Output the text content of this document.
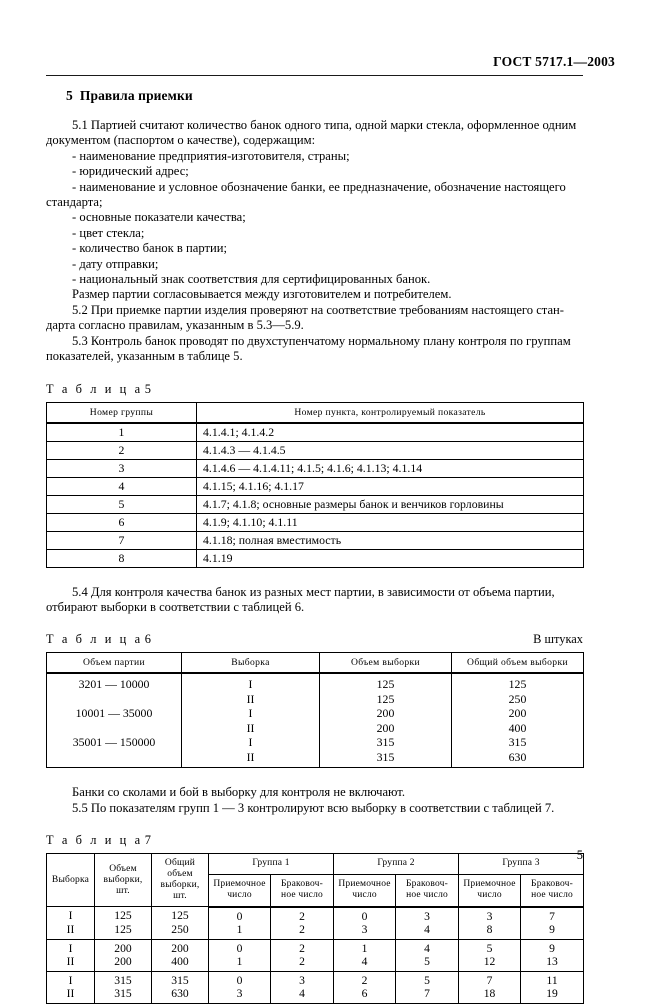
ГОСТ 5717.1—2003
5 Правила приемки

5.1 Партией считают количество банок одного типа, одной марки стекла, оформленное одним

документом (паспортом о качестве), содержащим:

- наименование предприятия-изготовителя, страны;

- юридический адрес;

- наименование и условное обозначение банки, ее предназначение, обозначение настоящего

стандарта;

- основные показатели качества;

- цвет стекла;

- количество банок в партии;

- дату отправки;

- национальный знак соответствия для сертифицированных банок.

Размер партии согласовывается между изготовителем и потребителем.

5.2 При приемке партии изделия проверяют на соответствие требованиям настоящего стан-

дарта согласно правилам, указанным в 5.3—5.9.

5.3 Контроль банок проводят по двухступенчатому нормальному плану контроля по группам

показателей, указанным в таблице 5.

Т а б л и ц а 5
Номер группы	Номер пункта, контролируемый показатель
1	4.1.4.1; 4.1.4.2
2	4.1.4.3 — 4.1.4.5
3	4.1.4.6 — 4.1.4.11; 4.1.5; 4.1.6; 4.1.13; 4.1.14
4	4.1.15; 4.1.16; 4.1.17
5	4.1.7; 4.1.8; основные размеры банок и венчиков горловины
6	4.1.9; 4.1.10; 4.1.11
7	4.1.18; полная вместимость
8	4.1.19

5.4 Для контроля качества банок из разных мест партии, в зависимости от объема партии,

отбирают выборки в соответствии с таблицей 6.

Т а б л и ц а 6	В штуках
Объем партии	Выборка	Объем выборки	Общий объем выборки
3201 — 10000	I	125	125
	II	125	250
10001 — 35000	I	200	200
	II	200	400
35001 — 150000	I	315	315
	II	315	630

Банки со сколами и бой в выборку для контроля не включают.

5.5 По показателям групп 1 — 3 контролируют всю выборку в соответствии с таблицей 7.

Т а б л и ц а 7
Выборка	Объем
выборки,
шт.	Общий
объем
выборки,
шт.	Группа 1		Группа 2		Группа 3	
			Приемочное
число	Браковоч-
ное число	Приемочное
число	Браковоч-
ное число	Приемочное
число	Браковоч-
ное число
I	125	125	0	2	0	3	3	7
II	125	250	1	2	3	4	8	9
I	200	200	0	2	1	4	5	9
II	200	400	1	2	4	5	12	13
I	315	315	0	3	2	5	7	11
II	315	630	3	4	6	7	18	19
5
